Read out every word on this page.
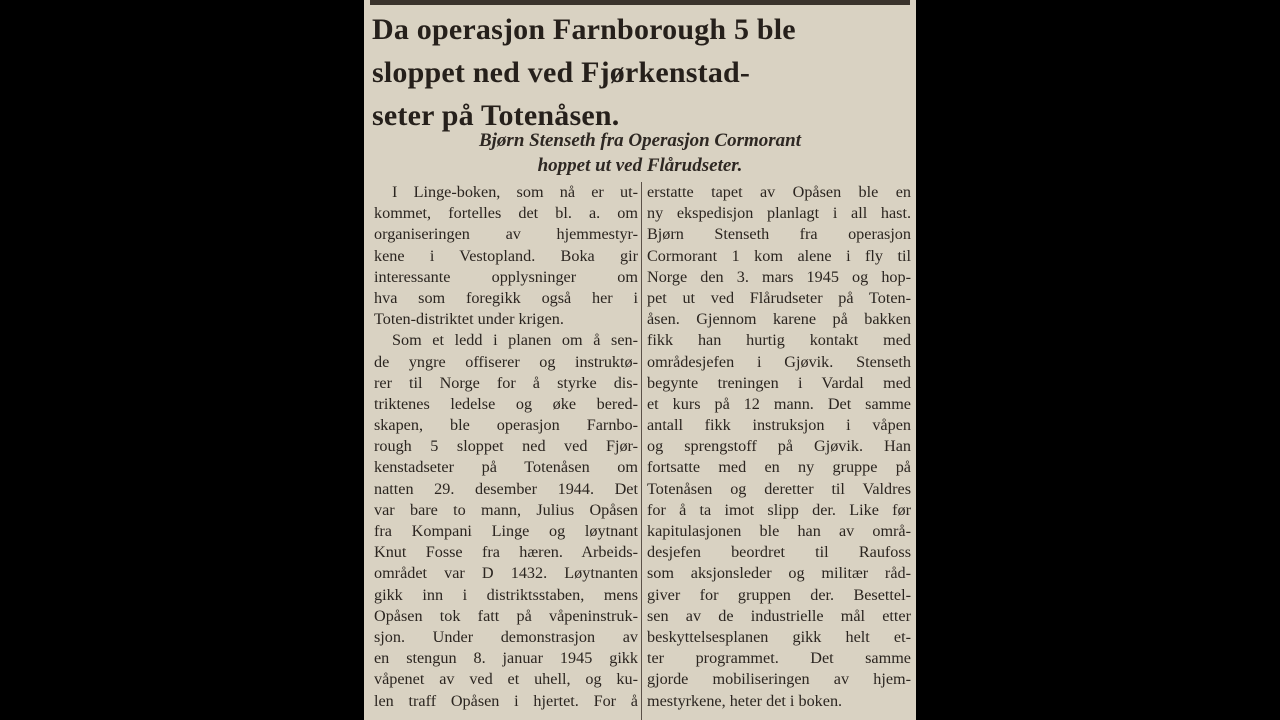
Da operasjon Farnborough 5 ble
sloppet ned ved Fjørkenstad-
seter på Totenåsen.

Bjørn Stenseth fra Operasjon Cormorant

hoppet ut ved Flårudseter.

I Linge-boken, som nå er ut-
kommet, fortelles det bl. a. om
organiseringen av hjemmestyr-
kene i Vestopland. Boka gir
interessante opplysninger om
hva som foregikk også her i
Toten-distriktet under krigen.
Som et ledd i planen om å sen-
de yngre offiserer og instruktø-
rer til Norge for å styrke dis-
triktenes ledelse og øke bered-
skapen, ble operasjon Farnbo-
rough 5 sloppet ned ved Fjør-
kenstadseter på Totenåsen om
natten 29. desember 1944. Det
var bare to mann, Julius Opåsen
fra Kompani Linge og løytnant
Knut Fosse fra hæren. Arbeids-
området var D 1432. Løytnanten
gikk inn i distriktsstaben, mens
Opåsen tok fatt på våpeninstruk-
sjon. Under demonstrasjon av
en stengun 8. januar 1945 gikk
våpenet av ved et uhell, og ku-
len traff Opåsen i hjertet. For å
erstatte tapet av Opåsen ble en
ny ekspedisjon planlagt i all hast.
Bjørn Stenseth fra operasjon
Cormorant 1 kom alene i fly til
Norge den 3. mars 1945 og hop-
pet ut ved Flårudseter på Toten-
åsen. Gjennom karene på bakken
fikk han hurtig kontakt med
områdesjefen i Gjøvik. Stenseth
begynte treningen i Vardal med
et kurs på 12 mann. Det samme
antall fikk instruksjon i våpen
og sprengstoff på Gjøvik. Han
fortsatte med en ny gruppe på
Totenåsen og deretter til Valdres
for å ta imot slipp der. Like før
kapitulasjonen ble han av områ-
desjefen beordret til Raufoss
som aksjonsleder og militær råd-
giver for gruppen der. Besettel-
sen av de industrielle mål etter
beskyttelsesplanen gikk helt et-
ter programmet. Det samme
gjorde mobiliseringen av hjem-
mestyrkene, heter det i boken.
